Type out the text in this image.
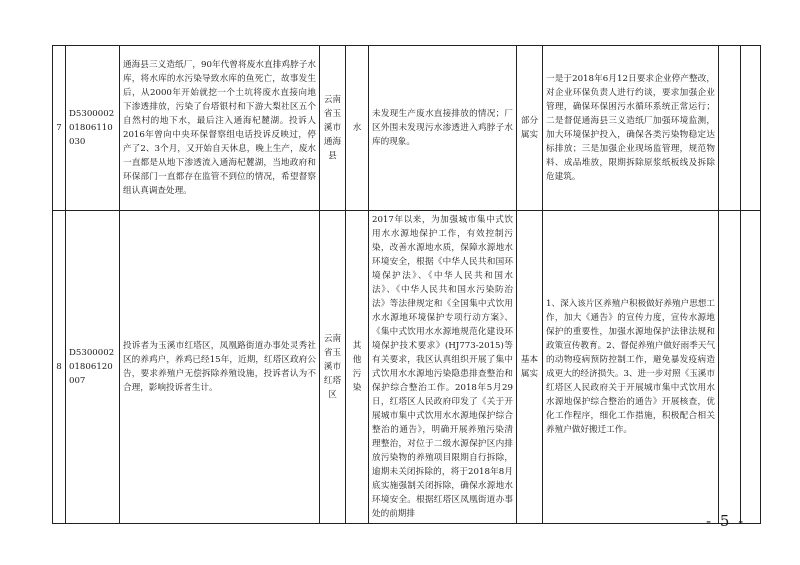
7	D530000201806110030	通海县三义造纸厂，90年代曾将废水直排鸡脖子水库，将水库的水污染导致水库的鱼死亡，故事发生后，从2000年开始就挖一个土坑将废水直接向地下渗透排放，污染了台塔银村和下游大梨社区五个自然村的地下水，最后注入通海杞麓湖。投诉人2016年曾向中央环保督察组电话投诉反映过，停产了2、3个月，又开始自天休息，晚上生产，废水一直都是从地下渗透流入通海杞麓湖，当地政府和环保部门一直都存在监管不到位的情况，希望督察组认真调查处理。	云南省玉溪市通海县	水	未发现生产废水直接排放的情况；厂区外围未发现污水渗透进入鸡脖子水库的现象。	部分属实	一是于2018年6月12日要求企业停产整改，对企业环保负责人进行约谈，要求加强企业管理，确保环保困污水循环系统正常运行；二是督促通海县三义造纸厂加强环境监测，加大环境保护投入，确保各类污染物稳定达标排放；三是加强企业现场监管理，规范物料、成品堆放，限期拆除原浆纸板线及拆除危建筑。		
8	D530000201806120007	投诉者为玉溪市红塔区，凤凰路街道办事处灵秀社区的养鸡户，养鸡已经15年，近期，红塔区政府公告，要求养殖户无偿拆除养殖设施，投诉者认为不合理，影响投诉者生计。	云南省玉溪市红塔区	其他污染	2017年以来，为加强城市集中式饮用水水源地保护工作，有效控制污染，改善水源地水质，保障水源地水环境安全，根据《中华人民共和国环境保护法》、《中华人民共和国水法》、《中华人民共和国水污染防治法》等法律规定和《全国集中式饮用水水源地环境保护专项行动方案》、《集中式饮用水水源地规范化建设环境保护技术要求》(HJ773-2015)等有关要求，我区认真组织开展了集中式饮用水水源地污染隐患排查整治和保护综合整治工作。2018年5月29日，红塔区人民政府印发了《关于开展城市集中式饮用水水源地保护综合整治的通告》，明确开展养殖污染清理整治，对位于二级水源保护区内排放污染物的养殖项目限期自行拆除，逾期未关闭拆除的，将于2018年8月底实施强制关闭拆除，确保水源地水环境安全。根据红塔区凤凰街道办事处的前期排	基本属实	1、深入该片区养殖户积极做好养殖户思想工作，加大《通告》的宣传力度，宣传水源地保护的重要性，加强水源地保护法律法规和政策宣传教育。2、督促养殖户做好雨季天气的动物疫病预防控制工作，避免暴发疫病造成更大的经济损失。3、进一步对照《玉溪市红塔区人民政府关于开展城市集中式饮用水水源地保护综合整治的通告》开展核查，优化工作程序，细化工作措施，积极配合相关养殖户做好搬迁工作。		
- 5 -
